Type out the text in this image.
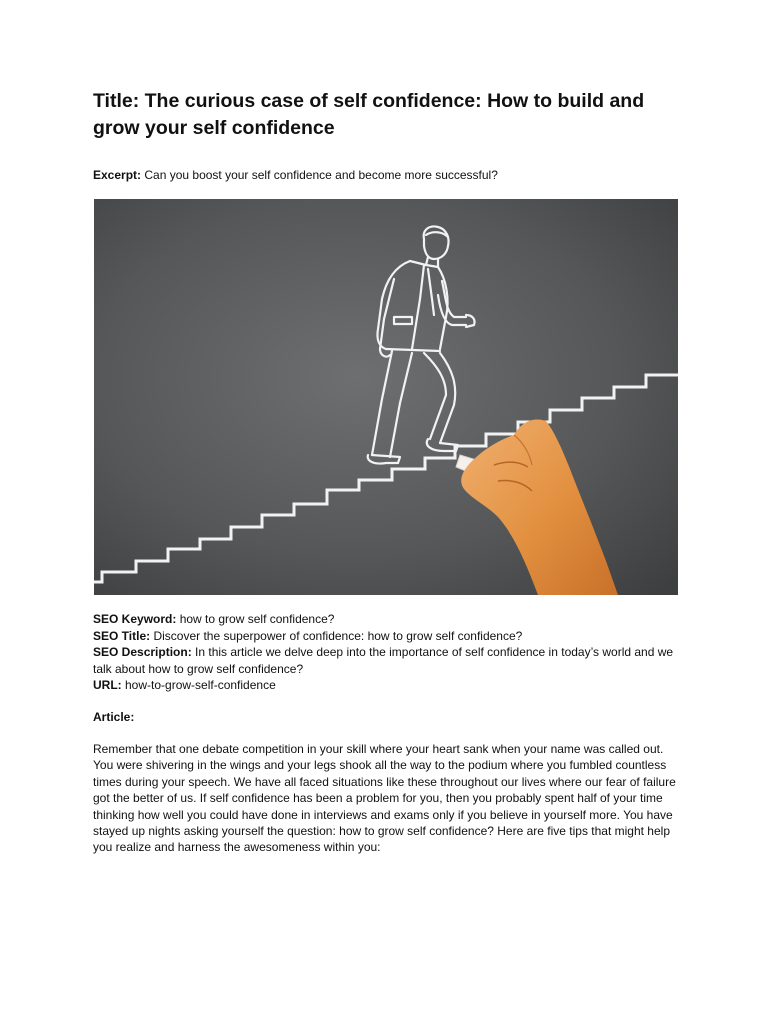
Title: The curious case of self confidence: How to build and grow your self confidence

Excerpt: Can you boost your self confidence and become more successful?

SEO Keyword: how to grow self confidence?

SEO Title: Discover the superpower of confidence: how to grow self confidence?

SEO Description: In this article we delve deep into the importance of self confidence in today’s world and we talk about how to grow self confidence?

URL: how-to-grow-self-confidence

Article:

Remember that one debate competition in your skill where your heart sank when your name was called out. You were shivering in the wings and your legs shook all the way to the podium where you fumbled countless times during your speech. We have all faced situations like these throughout our lives where our fear of failure got the better of us. If self confidence has been a problem for you, then you probably spent half of your time thinking how well you could have done in interviews and exams only if you believe in yourself more. You have stayed up nights asking yourself the question: how to grow self confidence? Here are five tips that might help you realize and harness the awesomeness within you:
